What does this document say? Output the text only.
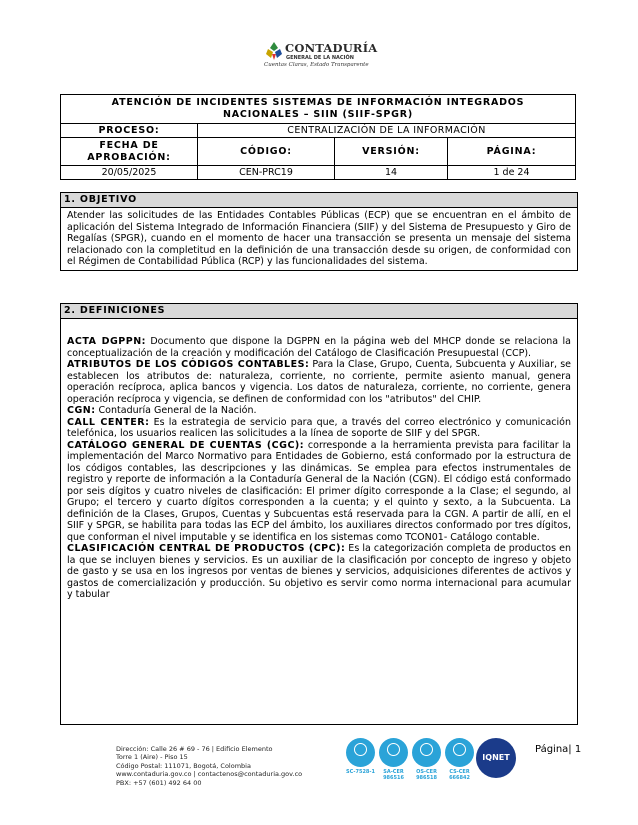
CONTADURÍA
GENERAL DE LA NACIÓN
Cuentas Claras, Estado Transparente
ATENCIÓN DE INCIDENTES SISTEMAS DE INFORMACIÓN INTEGRADOS
NACIONALES – SIIN (SIIF-SPGR)			

PROCESO:	CENTRALIZACIÓN DE LA INFORMACIÓN		

FECHA DE
APROBACIÓN:	CÓDIGO:	VERSIÓN:	PÁGINA:
20/05/2025	CEN-PRC19	14	1 de 24
1. OBJETIVO
Atender las solicitudes de las Entidades Contables Públicas (ECP) que se encuentran en el ámbito de aplicación del Sistema Integrado de Información Financiera (SIIF) y del Sistema de Presupuesto y Giro de Regalías (SPGR), cuando en el momento de hacer una transacción se presenta un mensaje del sistema relacionado con la completitud en la definición de una transacción desde su origen, de conformidad con el Régimen de Contabilidad Pública (RCP) y las funcionalidades del sistema.
2. DEFINICIONES

ACTA DGPPN: Documento que dispone la DGPPN en la página web del MHCP donde se relaciona la conceptualización de la creación y modificación del Catálogo de Clasificación Presupuestal (CCP).

ATRIBUTOS DE LOS CÓDIGOS CONTABLES: Para la Clase, Grupo, Cuenta, Subcuenta y Auxiliar, se establecen los atributos de: naturaleza, corriente, no corriente, permite asiento manual, genera operación recíproca, aplica bancos y vigencia. Los datos de naturaleza, corriente, no corriente, genera operación recíproca y vigencia, se definen de conformidad con los "atributos" del CHIP.

CGN: Contaduría General de la Nación.

CALL CENTER: Es la estrategia de servicio para que, a través del correo electrónico y comunicación telefónica, los usuarios realicen las solicitudes a la línea de soporte de SIIF y del SPGR.

CATÁLOGO GENERAL DE CUENTAS (CGC): corresponde a la herramienta prevista para facilitar la implementación del Marco Normativo para Entidades de Gobierno, está conformado por la estructura de los códigos contables, las descripciones y las dinámicas. Se emplea para efectos instrumentales de registro y reporte de información a la Contaduría General de la Nación (CGN). El código está conformado por seis dígitos y cuatro niveles de clasificación: El primer dígito corresponde a la Clase; el segundo, al Grupo; el tercero y cuarto dígitos corresponden a la cuenta; y el quinto y sexto, a la Subcuenta. La definición de la Clases, Grupos, Cuentas y Subcuentas está reservada para la CGN. A partir de allí, en el SIIF y SPGR, se habilita para todas las ECP del ámbito, los auxiliares directos conformado por tres dígitos, que conforman el nivel imputable y se identifica en los sistemas como TCON01- Catálogo contable.

CLASIFICACIÓN CENTRAL DE PRODUCTOS (CPC): Es la categorización completa de productos en la que se incluyen bienes y servicios. Es un auxiliar de la clasificación por concepto de ingreso y objeto de gasto y se usa en los ingresos por ventas de bienes y servicios, adquisiciones diferentes de activos y gastos de comercialización y producción. Su objetivo es servir como norma internacional para acumular y tabular

Dirección: Calle 26 # 69 - 76 | Edificio Elemento
Torre 1 (Aire) - Piso 15
Código Postal: 111071, Bogotá, Colombia
www.contaduria.gov.co | contactenos@contaduria.gov.co
PBX: +57 (601) 492 64 00
SC-7528-1	SA-CER 986516
OS-CER 986518
CS-CER 666842
IQNET
Página| 1
